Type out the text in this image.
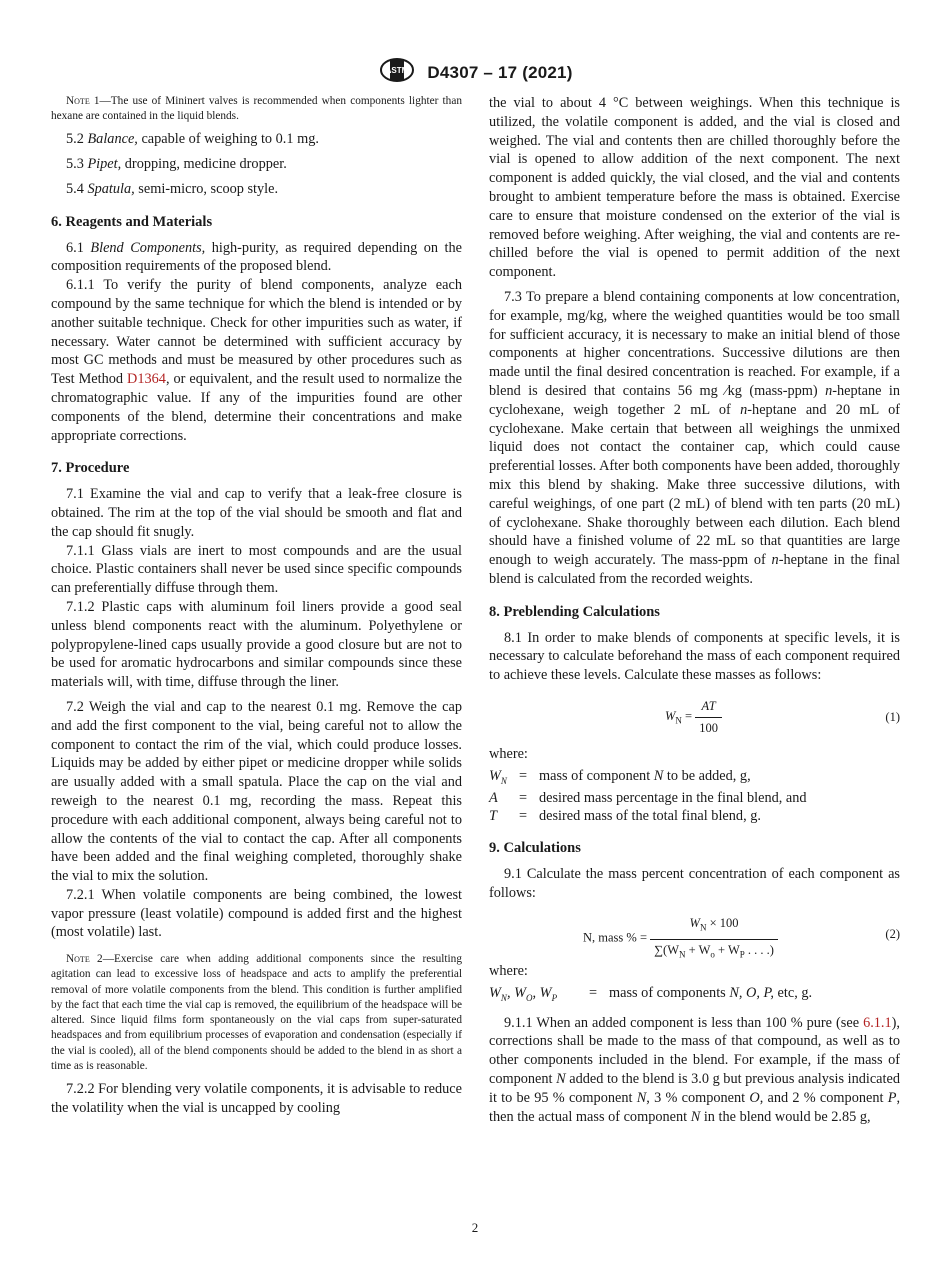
ASTM D4307 – 17 (2021)

Note 1—The use of Mininert valves is recommended when components lighter than hexane are contained in the liquid blends.

5.2 Balance, capable of weighing to 0.1 mg.

5.3 Pipet, dropping, medicine dropper.

5.4 Spatula, semi-micro, scoop style.

6. Reagents and Materials

6.1 Blend Components, high-purity, as required depending on the composition requirements of the proposed blend.

6.1.1 To verify the purity of blend components, analyze each compound by the same technique for which the blend is intended or by another suitable technique. Check for other impurities such as water, if necessary. Water cannot be determined with sufficient accuracy by most GC methods and must be measured by other procedures such as Test Method D1364, or equivalent, and the result used to normalize the chromatographic value. If any of the impurities found are other components of the blend, determine their concentrations and make appropriate corrections.

7. Procedure

7.1 Examine the vial and cap to verify that a leak-free closure is obtained. The rim at the top of the vial should be smooth and flat and the cap should fit snugly.

7.1.1 Glass vials are inert to most compounds and are the usual choice. Plastic containers shall never be used since specific compounds can preferentially diffuse through them.

7.1.2 Plastic caps with aluminum foil liners provide a good seal unless blend components react with the aluminum. Polyethylene or polypropylene-lined caps usually provide a good closure but are not to be used for aromatic hydrocarbons and similar compounds since these materials will, with time, diffuse through the liner.

7.2 Weigh the vial and cap to the nearest 0.1 mg. Remove the cap and add the first component to the vial, being careful not to allow the component to contact the rim of the vial, which could produce losses. Liquids may be added by either pipet or medicine dropper while solids are usually added with a small spatula. Place the cap on the vial and reweigh to the nearest 0.1 mg, recording the mass. Repeat this procedure with each additional component, always being careful not to allow the contents of the vial to contact the cap. After all components have been added and the final weighing completed, thoroughly shake the vial to mix the solution.

7.2.1 When volatile components are being combined, the lowest vapor pressure (least volatile) compound is added first and the highest (most volatile) last.

Note 2—Exercise care when adding additional components since the resulting agitation can lead to excessive loss of headspace and acts to amplify the preferential removal of more volatile components from the blend. This condition is further amplified by the fact that each time the vial cap is removed, the equilibrium of the headspace will be altered. Since liquid films form spontaneously on the vial caps from super-saturated headspaces and from equilibrium processes of evaporation and condensation (especially if the vial is cooled), all of the blend components should be added to the blend in as short a time as is reasonable.

7.2.2 For blending very volatile components, it is advisable to reduce the volatility when the vial is uncapped by cooling

the vial to about 4 °C between weighings. When this technique is utilized, the volatile component is added, and the vial is closed and weighed. The vial and contents then are chilled thoroughly before the vial is opened to allow addition of the next component. The next component is added quickly, the vial closed, and the vial and contents brought to ambient temperature before the mass is obtained. Exercise care to ensure that moisture condensed on the exterior of the vial is removed before weighing. After weighing, the vial and contents are re-chilled before the vial is opened to permit addition of the next component.

7.3 To prepare a blend containing components at low concentration, for example, mg/kg, where the weighed quantities would be too small for sufficient accuracy, it is necessary to make an initial blend of those components at higher concentrations. Successive dilutions are then made until the final desired concentration is reached. For example, if a blend is desired that contains 56 mg ⁄kg (mass-ppm) n-heptane in cyclohexane, weigh together 2 mL of n-heptane and 20 mL of cyclohexane. Make certain that between all weighings the unmixed liquid does not contact the container cap, which could cause preferential losses. After both components have been added, thoroughly mix this blend by shaking. Make three successive dilutions, with careful weighings, of one part (2 mL) of blend with ten parts (20 mL) of cyclohexane. Shake thoroughly between each dilution. Each blend should have a finished volume of 22 mL so that quantities are large enough to weigh accurately. The mass-ppm of n-heptane in the final blend is calculated from the recorded weights.

8. Preblending Calculations

8.1 In order to make blends of components at specific levels, it is necessary to calculate beforehand the mass of each component required to achieve these levels. Calculate these masses as follows:

$W_N = \frac{AT}{100}$	(1)

where:

$W_N$ = mass of component N to be added, g,
A	= desired mass percentage in the final blend, and
T	= desired mass of the total final blend, g.
9. Calculations

9.1 Calculate the mass percent concentration of each component as follows:

N, mass % = $\frac{W_N \times 100}{\sum(W_N + W_o + W_P . . . .)}$	(2)

where:

$W_N$, $W_O$, $W_P$	= mass of components N, O, P, etc, g.

9.1.1 When an added component is less than 100 % pure (see 6.1.1), corrections shall be made to the mass of that compound, as well as to other components included in the blend. For example, if the mass of component N added to the blend is 3.0 g but previous analysis indicated it to be 95 % component N, 3 % component O, and 2 % component P, then the actual mass of component N in the blend would be 2.85 g,

2
